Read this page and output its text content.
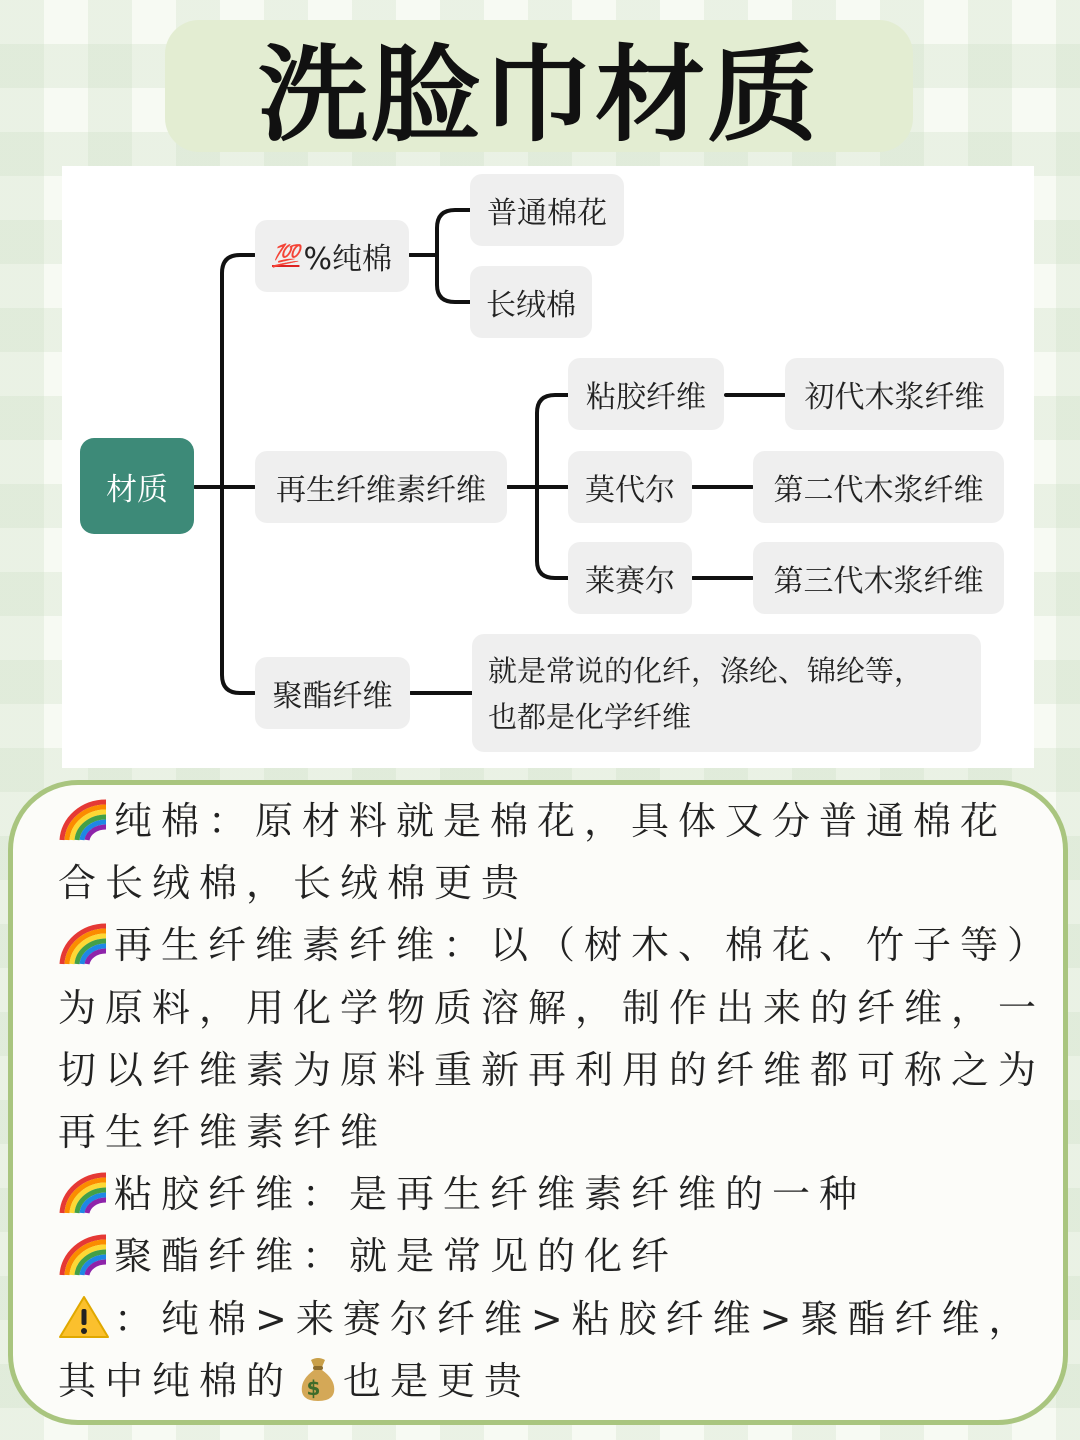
洗脸巾材质
材质
💯 %纯棉
普通棉花
长绒棉
再生纤维素纤维
粘胶纤维	初代木浆纤维
莫代尔	第二代木浆纤维
莱赛尔	第三代木浆纤维
聚酯纤维
就是常说的化纤，涤纶、锦纶等，
也都是化学纤维

纯棉：原材料就是棉花，具体又分普通棉花合长绒棉，长绒棉更贵

再生纤维素纤维：以（树木、棉花、竹子等）为原料，用化学物质溶解，制作出来的纤维，一切以纤维素为原料重新再利用的纤维都可称之为再生纤维素纤维

粘胶纤维：是再生纤维素纤维的一种

聚酯纤维：就是常见的化纤

：纯棉>来赛尔纤维>粘胶纤维>聚酯纤维，其中纯棉的 $ 也是更贵
